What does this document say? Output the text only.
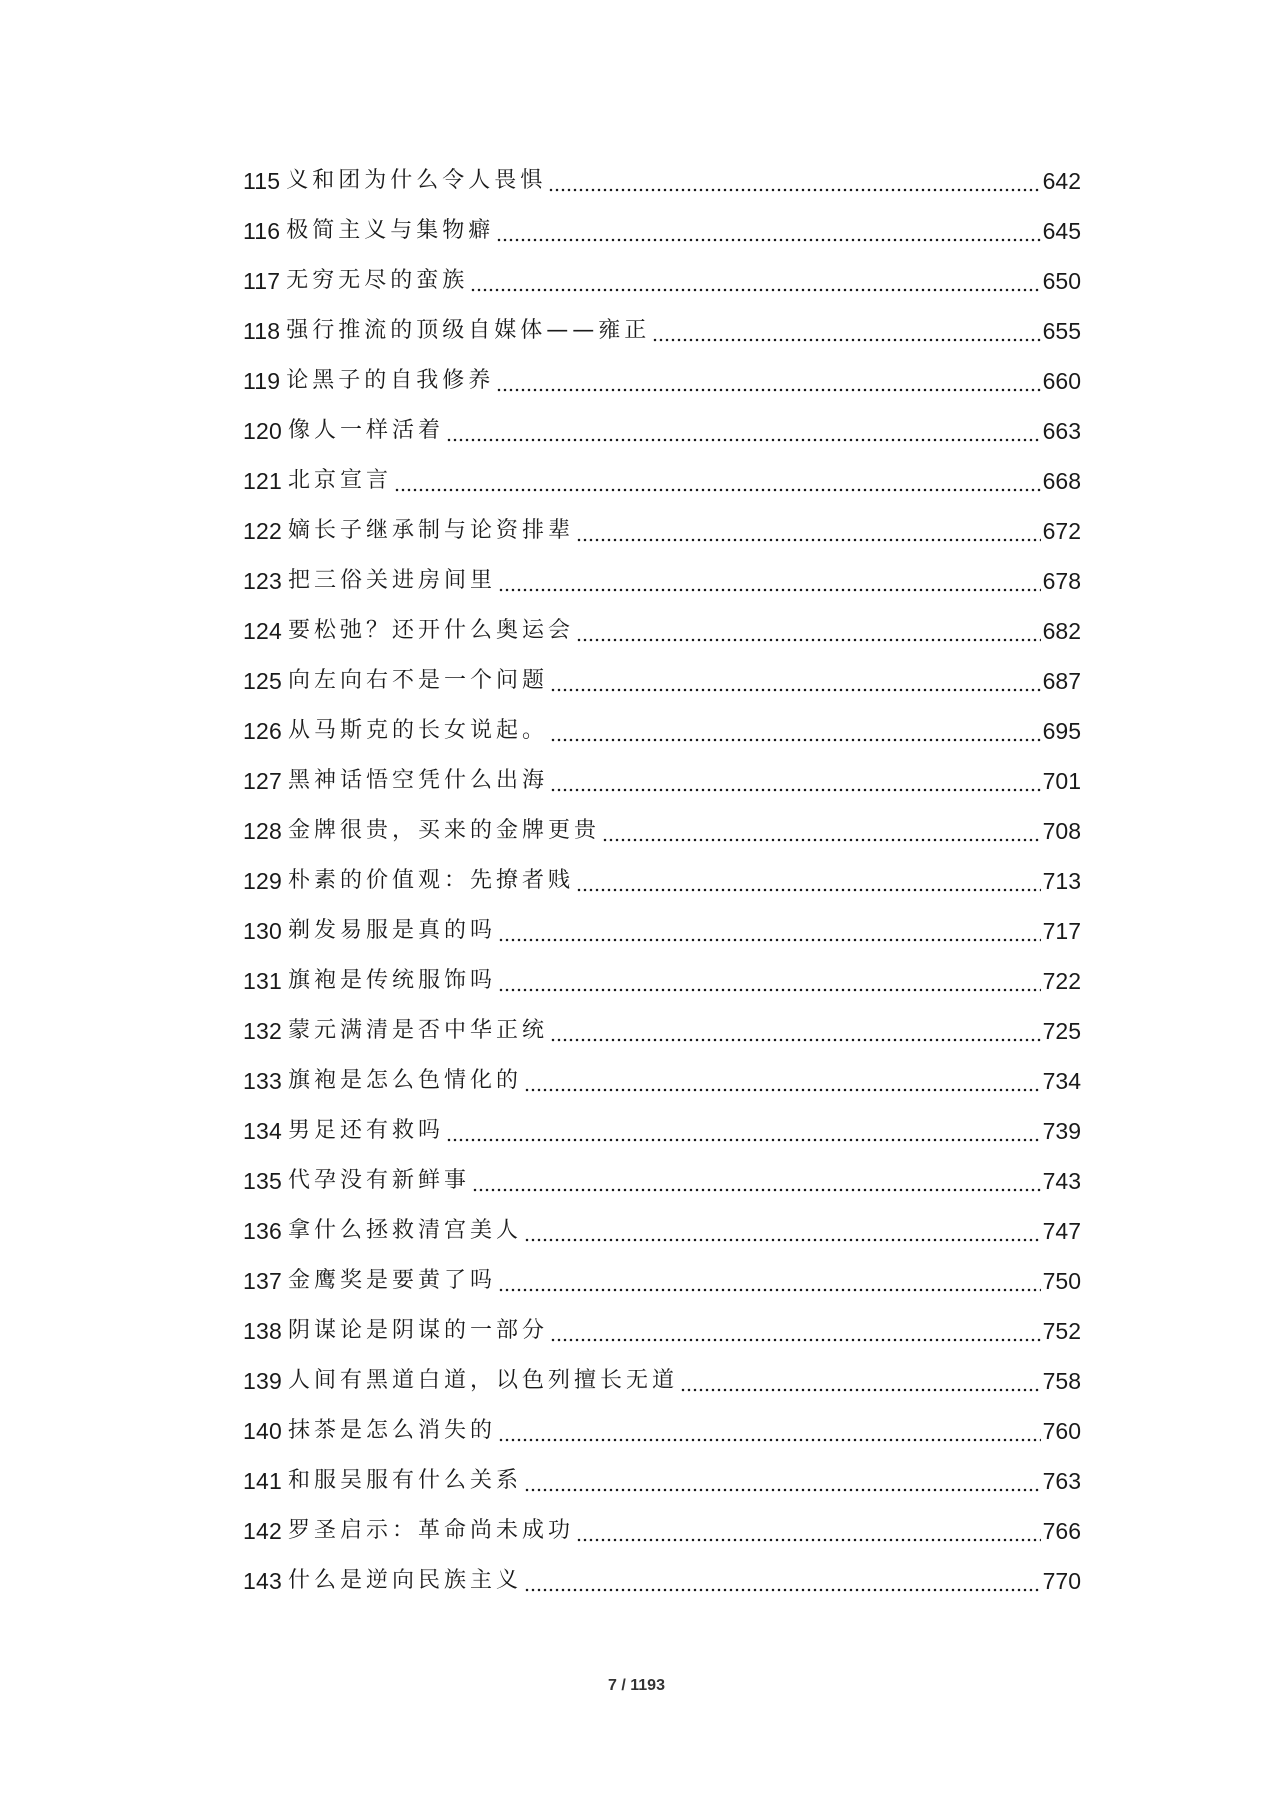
115 义和团为什么令人畏惧	642
116 极简主义与集物癖	645
117 无穷无尽的蛮族	650
118 强行推流的顶级自媒体——雍正	655
119 论黑子的自我修养	660
120 像人一样活着	663
121 北京宣言	668
122 嫡长子继承制与论资排辈	672
123 把三俗关进房间里	678
124 要松弛？还开什么奥运会	682
125 向左向右不是一个问题	687
126 从马斯克的长女说起。	695
127 黑神话悟空凭什么出海	701
128 金牌很贵，买来的金牌更贵	708
129 朴素的价值观：先撩者贱	713
130 剃发易服是真的吗	717
131 旗袍是传统服饰吗	722
132 蒙元满清是否中华正统	725
133 旗袍是怎么色情化的	734
134 男足还有救吗	739
135 代孕没有新鲜事	743
136 拿什么拯救清宫美人	747
137 金鹰奖是要黄了吗	750
138 阴谋论是阴谋的一部分	752
139 人间有黑道白道，以色列擅长无道	758
140 抹茶是怎么消失的	760
141 和服吴服有什么关系	763
142 罗圣启示：革命尚未成功	766
143 什么是逆向民族主义	770
7 / 1193
